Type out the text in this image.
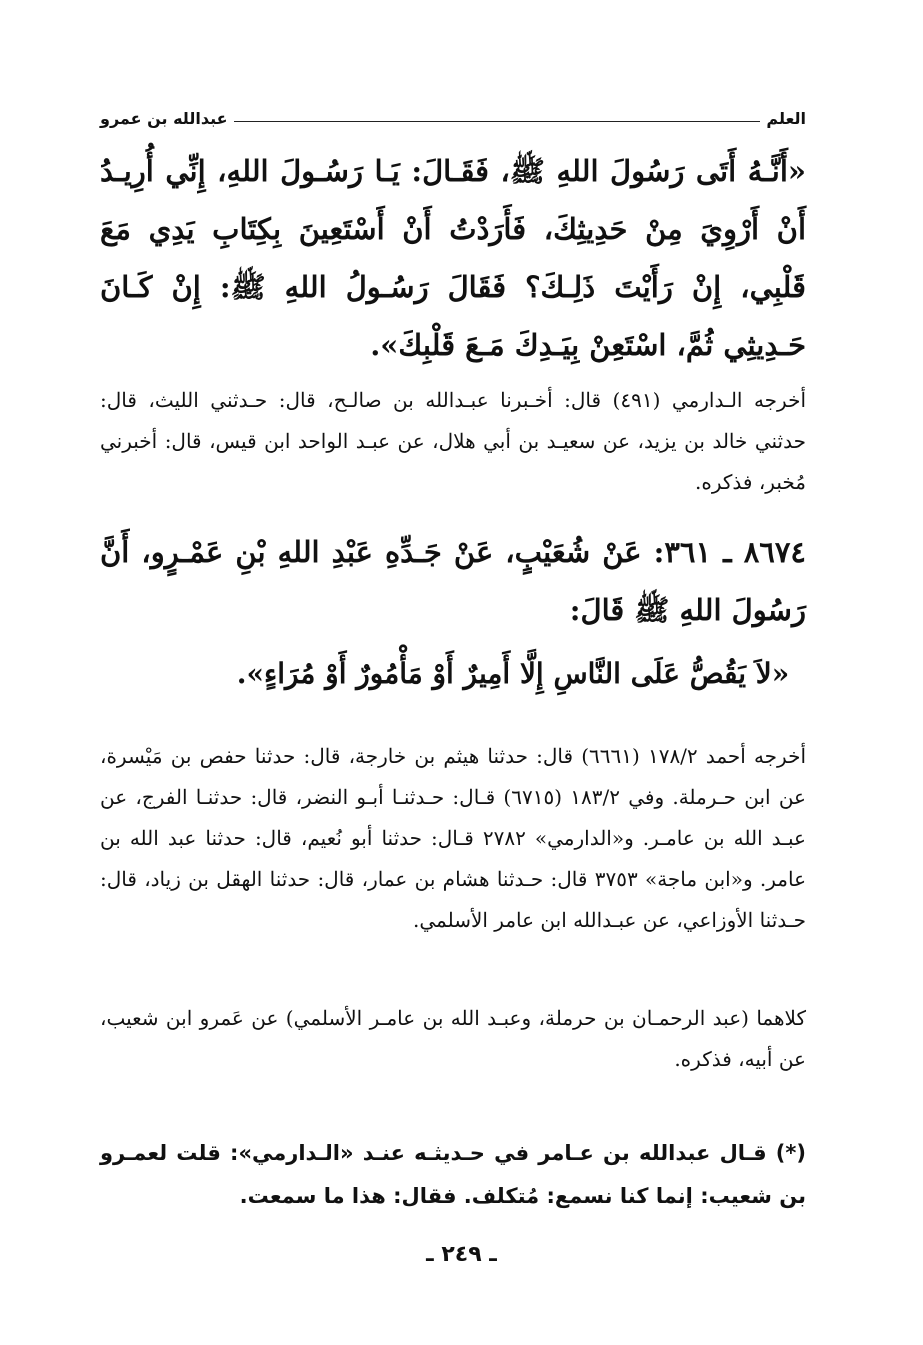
العلم
عبدالله بن عمرو
«أَنَّـهُ أَتَى رَسُولَ اللهِ ﷺ، فَقَـالَ: يَـا رَسُـولَ اللهِ، إِنِّي أُرِيـدُ أَنْ أَرْوِيَ مِنْ حَدِيثِكَ، فَأَرَدْتُ أَنْ أَسْتَعِينَ بِكِتَابِ يَدِي مَعَ قَلْبِي، إِنْ رَأَيْتَ ذَلِـكَ؟ فَقَالَ رَسُـولُ اللهِ ﷺ: إِنْ كَـانَ حَـدِيثِي ثُمَّ، اسْتَعِنْ بِيَـدِكَ مَـعَ قَلْبِكَ».
أخرجه الـدارمي (٤٩١) قال: أخـبرنا عبـدالله بن صالـح، قال: حـدثني الليث، قال: حدثني خالد بن يزيد، عن سعيـد بن أبي هلال، عن عبـد الواحد ابن قيس، قال: أخبرني مُخبر، فذكره.
٨٦٧٤ ـ ٣٦١: عَنْ شُعَيْبٍ، عَنْ جَـدِّهِ عَبْدِ اللهِ بْنِ عَمْـرٍو، أَنَّ رَسُولَ اللهِ ﷺ قَالَ:
«لاَ يَقُصُّ عَلَى النَّاسِ إِلَّا أَمِيرٌ أَوْ مَأْمُورٌ أَوْ مُرَاءٍ».
أخرجه أحمد ١٧٨/٢ (٦٦٦١) قال: حدثنا هيثم بن خارجة، قال: حدثنا حفص بن مَيْسرة، عن ابن حـرملة. وفي ١٨٣/٢ (٦٧١٥) قـال: حـدثنـا أبـو النضر، قال: حدثنـا الفرج، عن عبـد الله بن عامـر. و«الدارمي» ٢٧٨٢ قـال: حدثنا أبو نُعيم، قال: حدثنا عبد الله بن عامر. و«ابن ماجة» ٣٧٥٣ قال: حـدثنا هشام بن عمار، قال: حدثنا الهقل بن زياد، قال: حـدثنا الأوزاعي، عن عبـدالله ابن عامر الأسلمي.
كلاهما (عبد الرحمـان بن حرملة، وعبـد الله بن عامـر الأسلمي) عن عَمرو ابن شعيب، عن أبيه، فذكره.
(*) قـال عبدالله بن عـامر في حـديثـه عنـد «الـدارمي»: قلت لعمـرو بن شعيب: إنما كنا نسمع: مُتكلف. فقال: هذا ما سمعت.
ـ ٢٤٩ ـ
